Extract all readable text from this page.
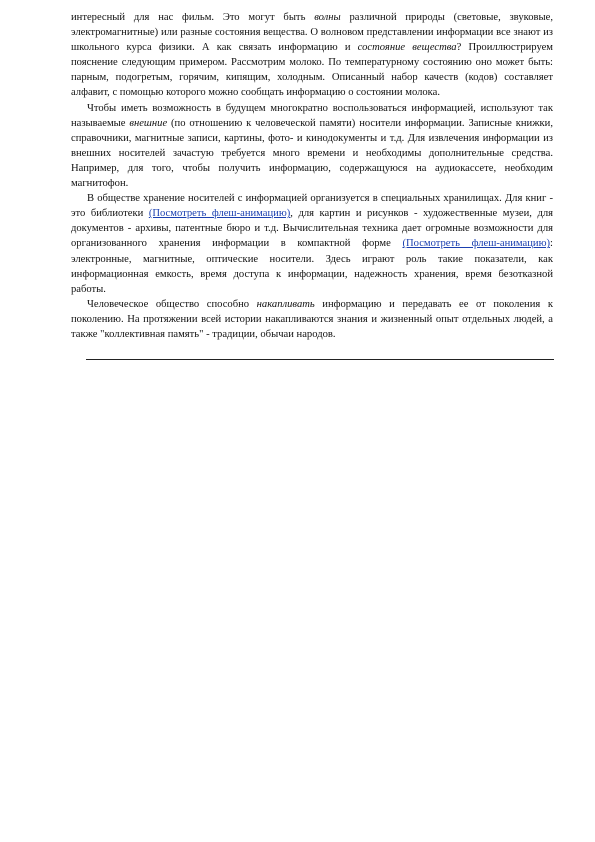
интересный для нас фильм. Это могут быть волны различной природы (световые, звуковые, электромагнитные) или разные состояния вещества. О волновом представлении информации все знают из школьного курса физики. А как связать информацию и состояние вещества? Проиллюстрируем пояснение следующим примером. Рассмотрим молоко. По температурному состоянию оно может быть: парным, подогретым, горячим, кипящим, холодным. Описанный набор качеств (кодов) составляет алфавит, с помощью которого можно сообщать информацию о состоянии молока.

Чтобы иметь возможность в будущем многократно воспользоваться информацией, используют так называемые внешние (по отношению к человеческой памяти) носители информации. Записные книжки, справочники, магнитные записи, картины, фото- и кинодокументы и т.д. Для извлечения информации из внешних носителей зачастую требуется много времени и необходимы дополнительные средства. Например, для того, чтобы получить информацию, содержащуюся на аудиокассете, необходим магнитофон.

В обществе хранение носителей с информацией организуется в специальных хранилищах. Для книг - это библиотеки (Посмотреть флеш-анимацию), для картин и рисунков - художественные музеи, для документов - архивы, патентные бюро и т.д. Вычислительная техника дает огромные возможности для организованного хранения информации в компактной форме (Посмотреть флеш-анимацию): электронные, магнитные, оптические носители. Здесь играют роль такие показатели, как информационная емкость, время доступа к информации, надежность хранения, время безотказной работы.

Человеческое общество способно накапливать информацию и передавать ее от поколения к поколению. На протяжении всей истории накапливаются знания и жизненный опыт отдельных людей, а также "коллективная память" - традиции, обычаи народов.
